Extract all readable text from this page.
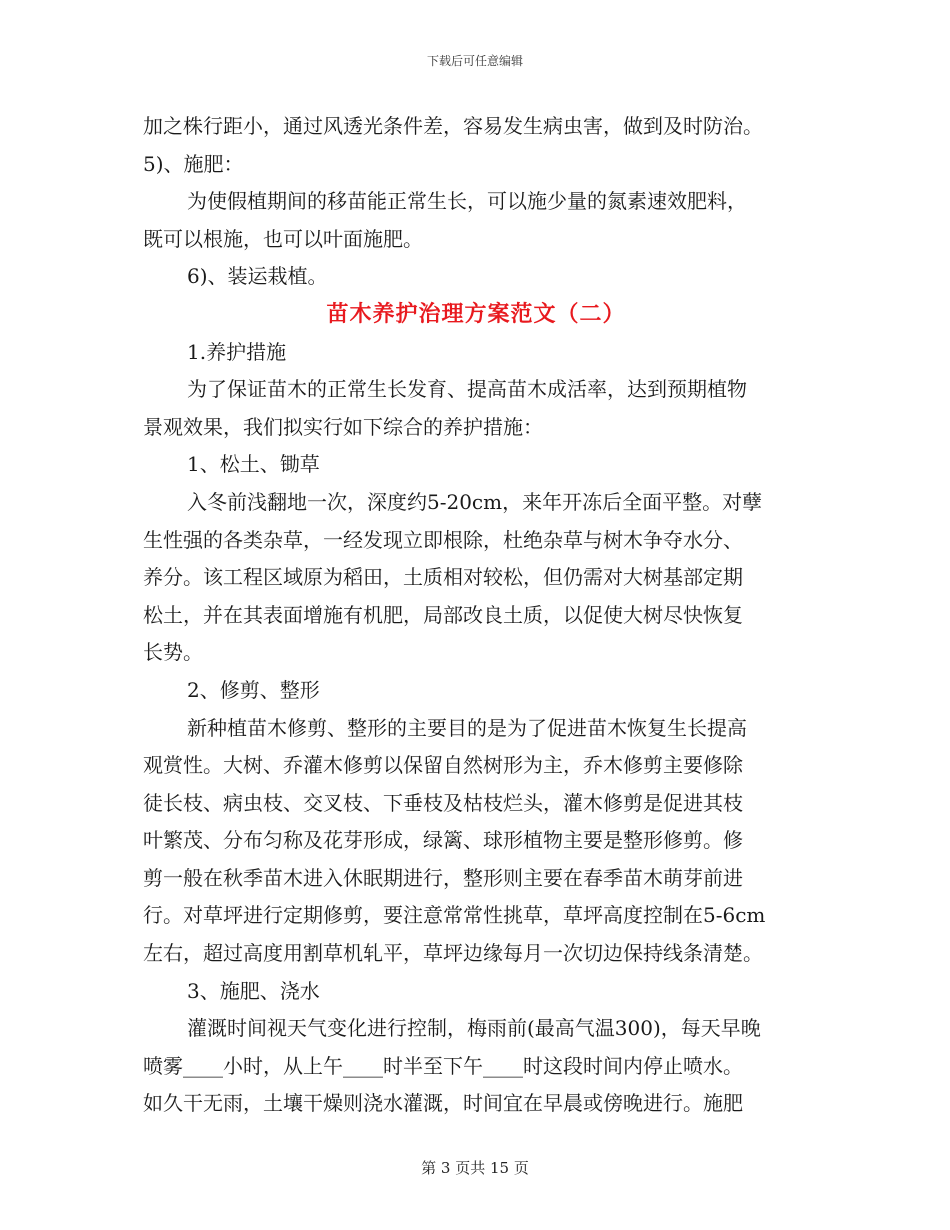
下载后可任意编辑
加之株行距小，通过风透光条件差，容易发生病虫害，做到及时防治。
5)、施肥：
为使假植期间的移苗能正常生长，可以施少量的氮素速效肥料，
既可以根施，也可以叶面施肥。
6)、装运栽植。
苗木养护治理方案范文（二）
1.养护措施
为了保证苗木的正常生长发育、提高苗木成活率，达到预期植物
景观效果，我们拟实行如下综合的养护措施：
1、松土、锄草
入冬前浅翻地一次，深度约5-20cm，来年开冻后全面平整。对孽
生性强的各类杂草，一经发现立即根除，杜绝杂草与树木争夺水分、
养分。该工程区域原为稻田，土质相对较松，但仍需对大树基部定期
松土，并在其表面增施有机肥，局部改良土质，以促使大树尽快恢复
长势。
2、修剪、整形
新种植苗木修剪、整形的主要目的是为了促进苗木恢复生长提高
观赏性。大树、乔灌木修剪以保留自然树形为主，乔木修剪主要修除
徒长枝、病虫枝、交叉枝、下垂枝及枯枝烂头，灌木修剪是促进其枝
叶繁茂、分布匀称及花芽形成，绿篱、球形植物主要是整形修剪。修
剪一般在秋季苗木进入休眠期进行，整形则主要在春季苗木萌芽前进
行。对草坪进行定期修剪，要注意常常性挑草，草坪高度控制在5-6cm
左右，超过高度用割草机轧平，草坪边缘每月一次切边保持线条清楚。
3、施肥、浇水
灌溉时间视天气变化进行控制，梅雨前(最高气温300)，每天早晚
喷雾____小时，从上午____时半至下午____时这段时间内停止喷水。
如久干无雨，土壤干燥则浇水灌溉，时间宜在早晨或傍晚进行。施肥
第 3 页共 15 页
